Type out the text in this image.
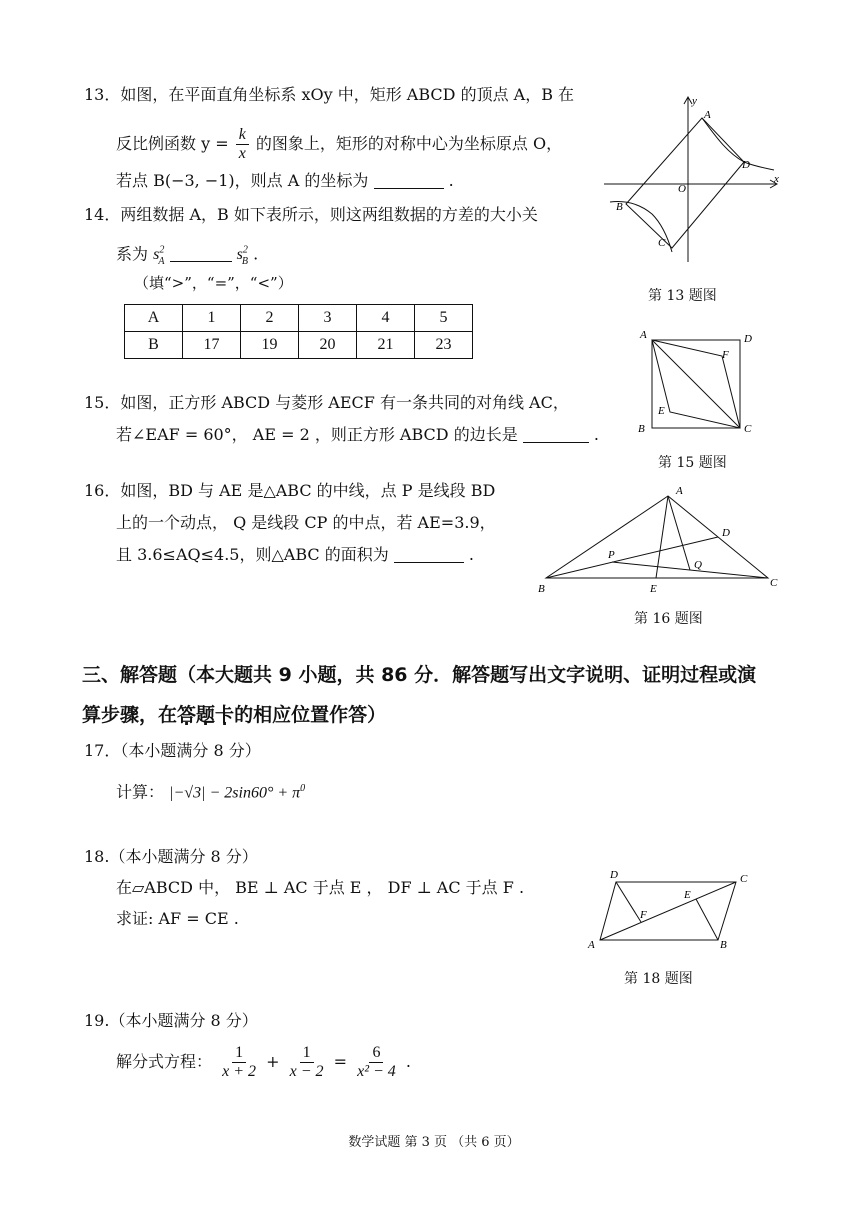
13．如图，在平面直角坐标系 xOy 中，矩形 ABCD 的顶点 A，B 在
反比例函数 $y = \frac{k}{x}$ 的图象上，矩形的对称中心为坐标原点 O，
若点 B(−3, −1)，则点 A 的坐标为	.
A
B
C
D
O
y
x
第 13 题图
14．两组数据 A，B 如下表所示，则这两组数据的方差的大小关
系为 $s^2_A$	$s^2_B$ .
（填“>”，“=”，“<”）
A	1	2	3	4	5
B	17	19	20	21	23
15．如图，正方形 ABCD 与菱形 AECF 有一条共同的对角线 AC，
若∠EAF = 60°， AE = 2 ，则正方形 ABCD 的边长是	.
A	D
F
E
B	C
第 15 题图
16．如图，BD 与 AE 是△ABC 的中线，点 P 是线段 BD
上的一个动点， Q 是线段 CP 的中点，若 AE=3.9，
且 3.6≤AQ≤4.5，则△ABC 的面积为	.
A
B	C
D
E
P
Q
第 16 题图
三、解答题（本大题共 9 小题，共 86 分．解答题写出文字说明、证明过程或演
算步骤，在答题卡的相应位置作答）
17．（本小题满分 8 分）
计算： $|-√3| - 2\sin 60^\circ + \pi^0$
18.（本小题满分 8 分）
在▱ABCD 中， BE ⊥ AC 于点 E ， DF ⊥ AC 于点 F .
求证: AF = CE .
A
D	C
B
E
F
第 18 题图
19.（本小题满分 8 分）
解分式方程： $\frac{1}{x + 2} + \frac{1}{x - 2} = \frac{6}{\text{x² − 4}}$ .
数学试题 第 3 页 （共 6 页）
